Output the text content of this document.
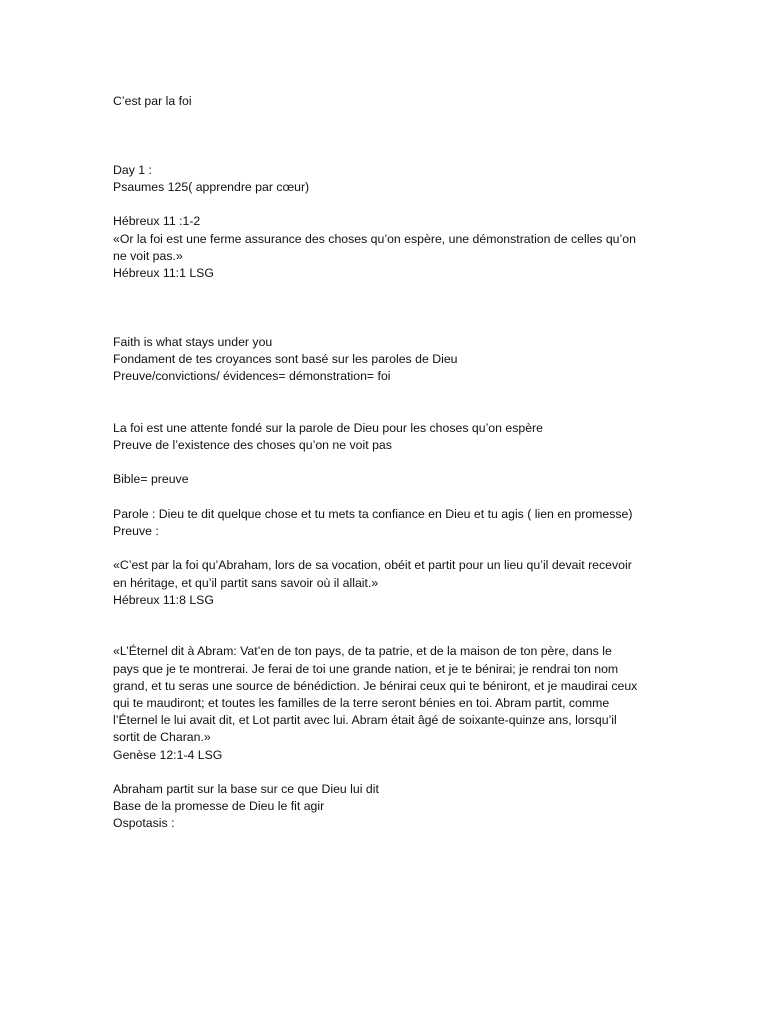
C’est par la foi
Day 1 :
Psaumes 125( apprendre par cœur)
Hébreux 11 :1-2
«Or la foi est une ferme assurance des choses qu’on espère, une démonstration de celles qu’on
ne voit pas.»
Hébreux 11:1 LSG
Faith is what stays under you
Fondament de tes croyances sont basé sur les paroles de Dieu
Preuve/convictions/ évidences= démonstration= foi
La foi est une attente fondé sur la parole de Dieu pour les choses qu’on espère
Preuve de l’existence des choses qu’on ne voit pas
Bible= preuve
Parole : Dieu te dit quelque chose et tu mets ta confiance en Dieu et tu agis ( lien en promesse)
Preuve :
«C’est par la foi qu’Abraham, lors de sa vocation, obéit et partit pour un lieu qu’il devait recevoir
en héritage, et qu’il partit sans savoir où il allait.»
Hébreux 11:8 LSG
«L’Éternel dit à Abram: Vat’en de ton pays, de ta patrie, et de la maison de ton père, dans le
pays que je te montrerai. Je ferai de toi une grande nation, et je te bénirai; je rendrai ton nom
grand, et tu seras une source de bénédiction. Je bénirai ceux qui te béniront, et je maudirai ceux
qui te maudiront; et toutes les familles de la terre seront bénies en toi. Abram partit, comme
l’Éternel le lui avait dit, et Lot partit avec lui. Abram était âgé de soixante-quinze ans, lorsqu’il
sortit de Charan.»
Genèse 12:1-4 LSG
Abraham partit sur la base sur ce que Dieu lui dit
Base de la promesse de Dieu le fit agir
Ospotasis :
